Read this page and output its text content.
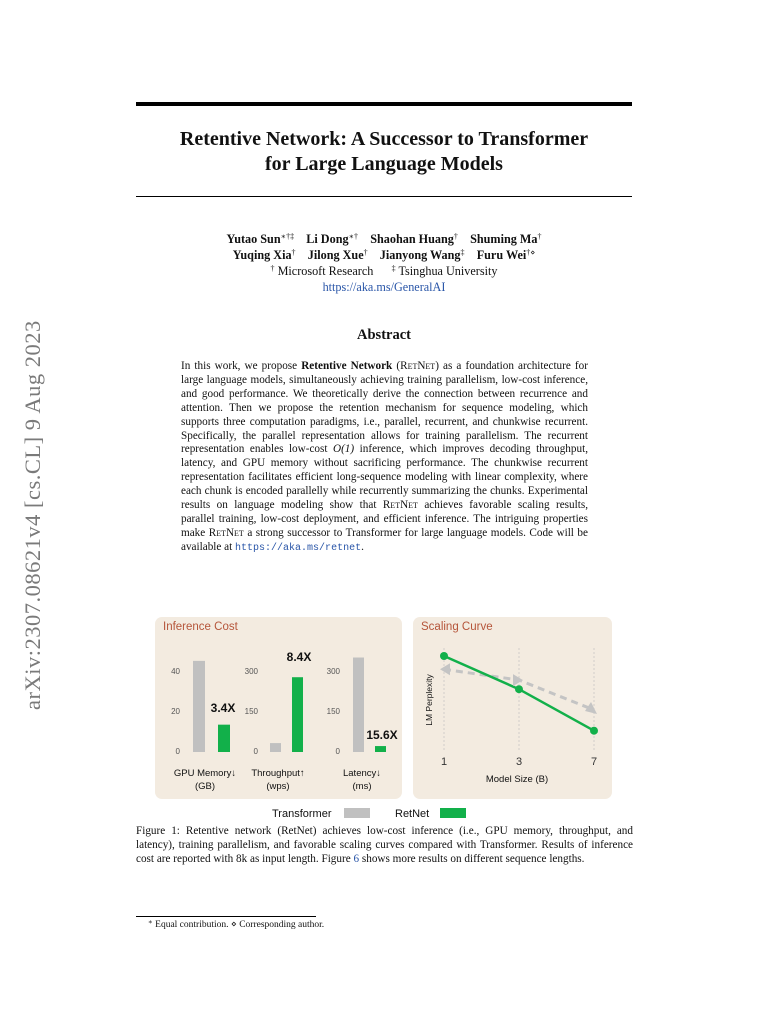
Retentive Network: A Successor to Transformer
for Large Language Models
Yutao Sun∗†‡ Li Dong∗† Shaohan Huang† Shuming Ma†
Yuqing Xia† Jilong Xue† Jianyong Wang‡ Furu Wei†⋄
† Microsoft Research ‡ Tsinghua University
https://aka.ms/GeneralAI
arXiv:2307.08621v4 [cs.CL] 9 Aug 2023	Abstract
In this work, we propose Retentive Network (RetNet) as a foundation architecture for large language models, simultaneously achieving training parallelism, low-cost inference, and good performance. We theoretically derive the connection between recurrence and attention. Then we propose the retention mechanism for sequence modeling, which supports three computation paradigms, i.e., parallel, recurrent, and chunkwise recurrent. Specifically, the parallel representation allows for training parallelism. The recurrent representation enables low-cost O(1) inference, which improves decoding throughput, latency, and GPU memory without sacrificing performance. The chunkwise recurrent representation facilitates efficient long-sequence modeling with linear complexity, where each chunk is encoded parallelly while recurrently summarizing the chunks. Experimental results on language modeling show that RetNet achieves favorable scaling results, parallel training, low-cost deployment, and efficient inference. The intriguing properties make RetNet a strong successor to Transformer for large language models. Code will be available at https://aka.ms/retnet.
Inference Cost	Scaling Curve
40
20
0
3.4X
GPU Memory↓
(GB)
300
150
0
8.4X
Throughput↑
(wps)
300
150
0
15.6X
Latency↓
(ms)
LM Perplexity
1	3	7
Model Size (B)
Transformer	RetNet
Figure 1: Retentive network (RetNet) achieves low-cost inference (i.e., GPU memory, throughput, and latency), training parallelism, and favorable scaling curves compared with Transformer. Results of inference cost are reported with 8k as input length. Figure 6 shows more results on different sequence lengths.
∗ Equal contribution. ⋄ Corresponding author.
